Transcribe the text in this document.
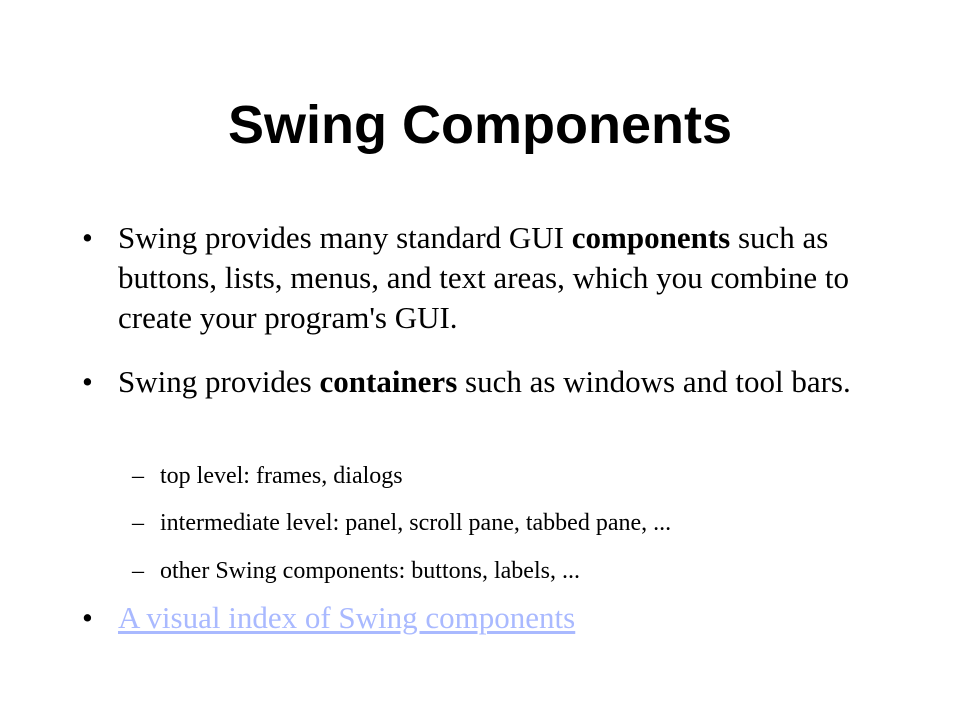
Swing Components
• Swing provides many standard GUI components such as buttons, lists, menus, and text areas, which you combine to create your program's GUI.
• Swing provides containers such as windows and tool bars.
– top level: frames, dialogs
– intermediate level: panel, scroll pane, tabbed pane, ...
– other Swing components: buttons, labels, ...
• A visual index of Swing components
